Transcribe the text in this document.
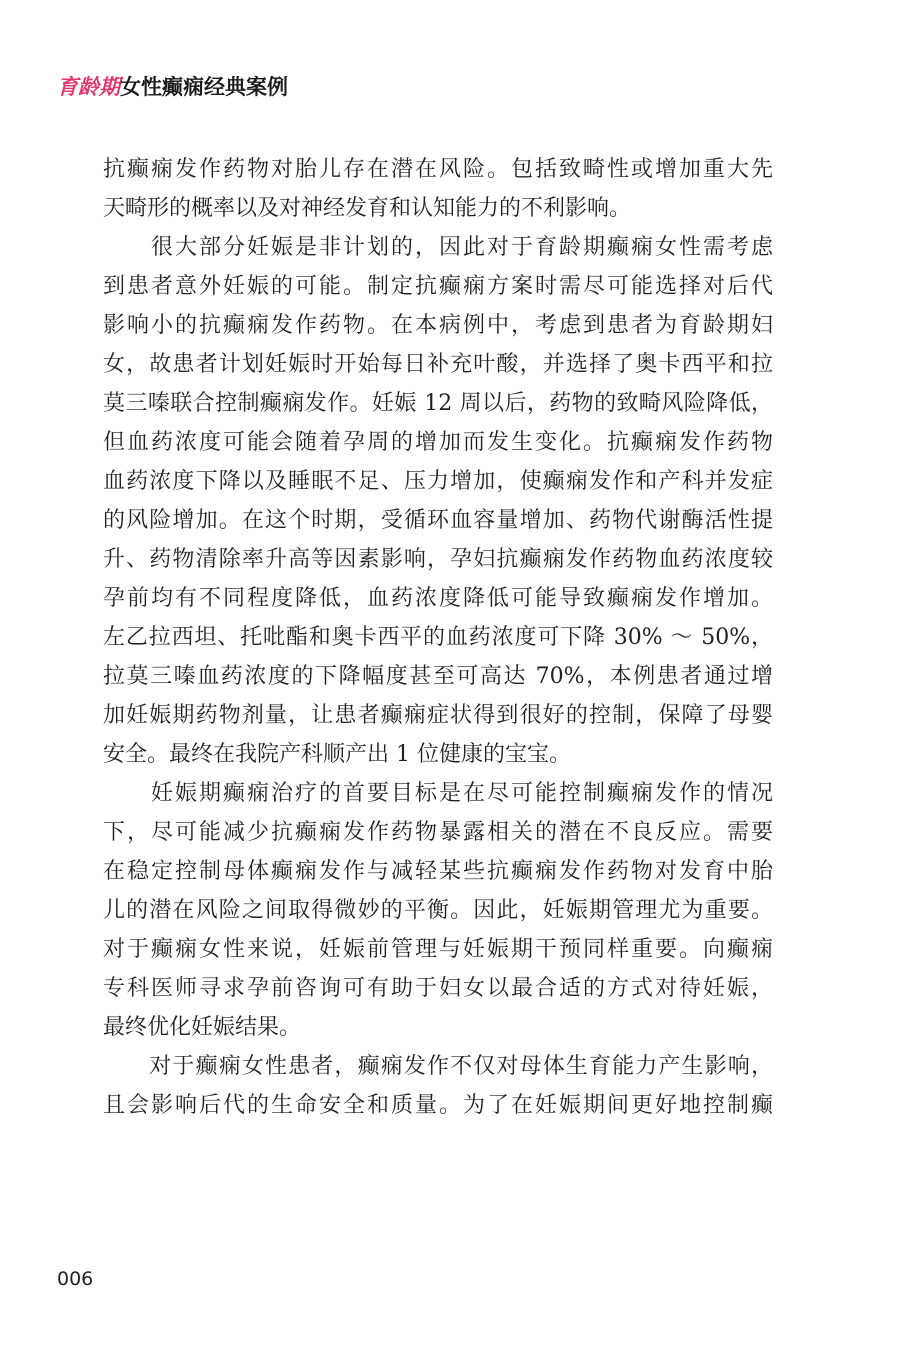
育龄期女性癫痫经典案例

抗癫痫发作药物对胎儿存在潜在风险。包括致畸性或增加重大先
天畸形的概率以及对神经发育和认知能力的不利影响。

　　很大部分妊娠是非计划的，因此对于育龄期癫痫女性需考虑
到患者意外妊娠的可能。制定抗癫痫方案时需尽可能选择对后代
影响小的抗癫痫发作药物。在本病例中，考虑到患者为育龄期妇
女，故患者计划妊娠时开始每日补充叶酸，并选择了奥卡西平和拉
莫三嗪联合控制癫痫发作。妊娠 12 周以后，药物的致畸风险降低，
但血药浓度可能会随着孕周的增加而发生变化。抗癫痫发作药物
血药浓度下降以及睡眠不足、压力增加，使癫痫发作和产科并发症
的风险增加。在这个时期，受循环血容量增加、药物代谢酶活性提
升、药物清除率升高等因素影响，孕妇抗癫痫发作药物血药浓度较
孕前均有不同程度降低，血药浓度降低可能导致癫痫发作增加。
左乙拉西坦、托吡酯和奥卡西平的血药浓度可下降 30% ～ 50%，
拉莫三嗪血药浓度的下降幅度甚至可高达 70%，本例患者通过增
加妊娠期药物剂量，让患者癫痫症状得到很好的控制，保障了母婴
安全。最终在我院产科顺产出 1 位健康的宝宝。

　　妊娠期癫痫治疗的首要目标是在尽可能控制癫痫发作的情况
下，尽可能减少抗癫痫发作药物暴露相关的潜在不良反应。需要
在稳定控制母体癫痫发作与减轻某些抗癫痫发作药物对发育中胎
儿的潜在风险之间取得微妙的平衡。因此，妊娠期管理尤为重要。
对于癫痫女性来说，妊娠前管理与妊娠期干预同样重要。向癫痫
专科医师寻求孕前咨询可有助于妇女以最合适的方式对待妊娠，
最终优化妊娠结果。

　　对于癫痫女性患者，癫痫发作不仅对母体生育能力产生影响，
且会影响后代的生命安全和质量。为了在妊娠期间更好地控制癫

006
